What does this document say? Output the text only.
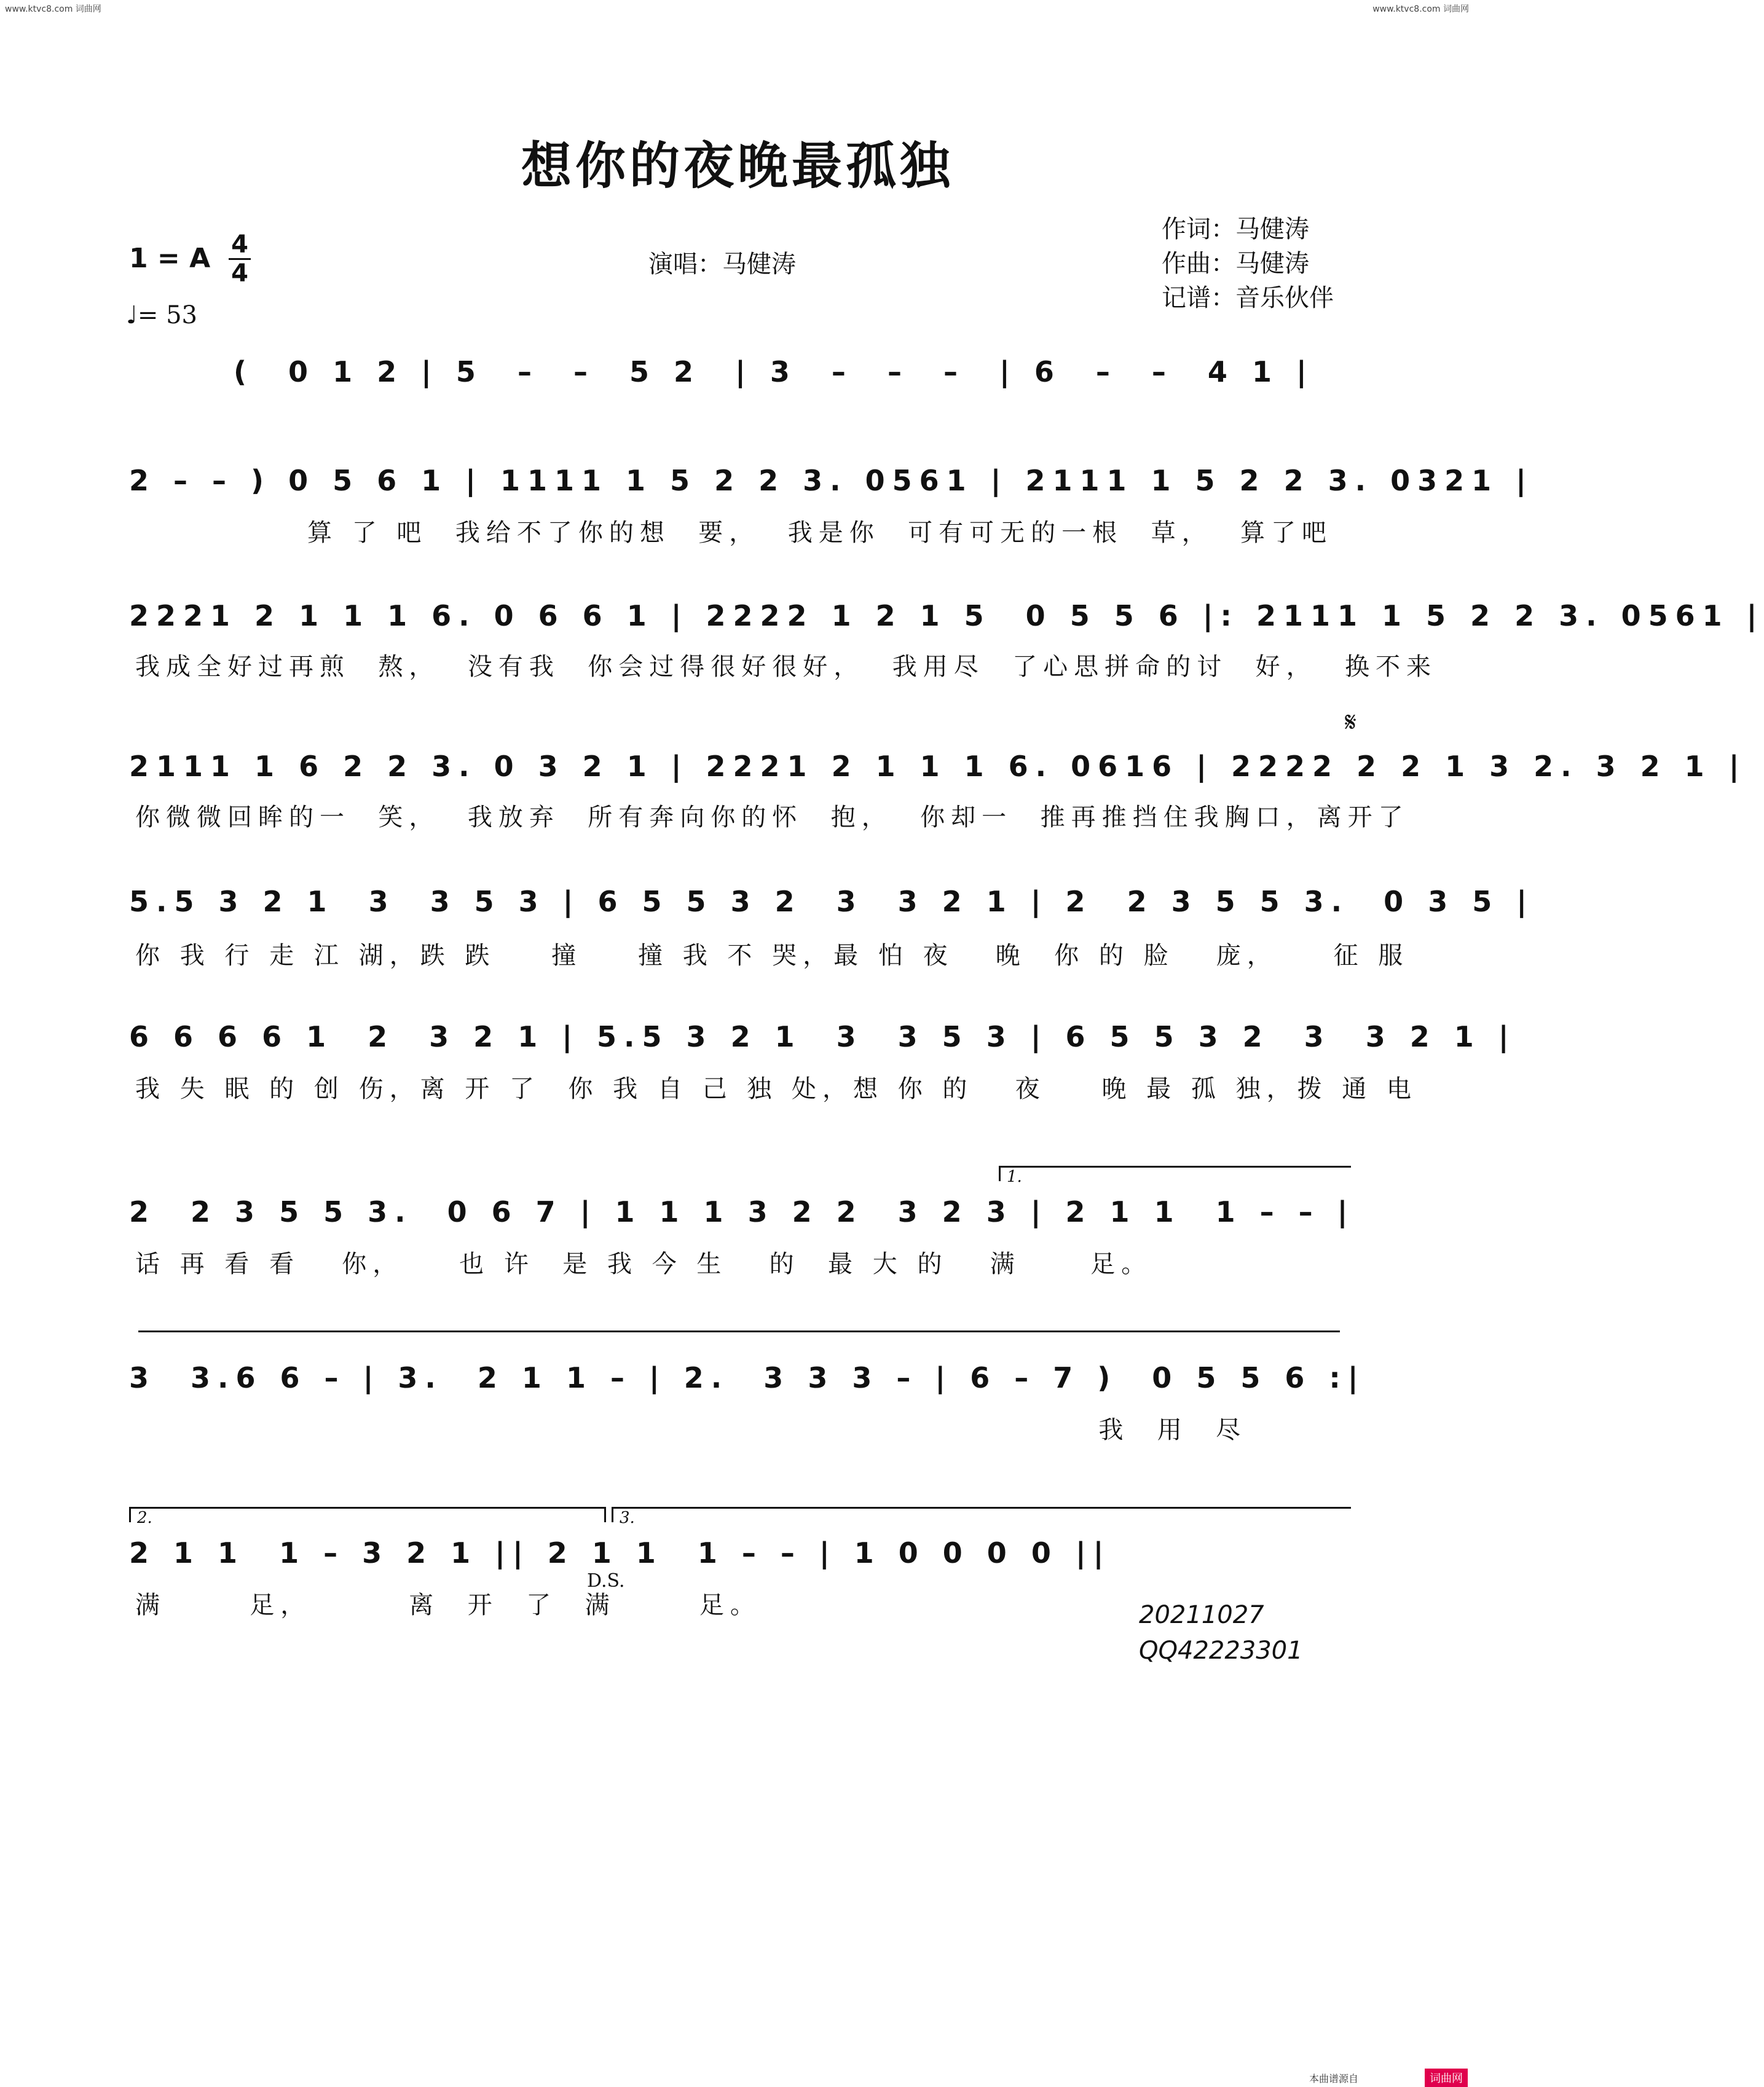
www.ktvc8.com 词曲网	www.ktvc8.com 词曲网
想你的夜晚最孤独
1 = A 4
4
♩= 53
演唱：马健涛
作词：马健涛
作曲：马健涛
记谱：音乐伙伴
(  0 1 2 | 5  –  –  5 2  | 3  –  –  –  | 6  –  –  4 1 |
2 – – ) 0 5 6 1 | 1111 1 5 2 2 3. 0561 | 2111 1 5 2 2 3. 0321 |
算 了 吧  我给不了你的想  要，  我是你  可有可无的一根  草，  算了吧
2221 2 1 1 1 6. 0 6 6 1 | 2222 1 2 1 5  0 5 5 6 |: 2111 1 5 2 2 3. 0561 |
我成全好过再煎  熬，  没有我  你会过得很好很好，  我用尽  了心思拼命的讨  好，  换不来
𝄋
2111 1 6 2 2 3. 0 3 2 1 | 2221 2 1 1 1 6. 0616 | 2222 2 2 1 3 2. 3 2 1 |
你微微回眸的一  笑，  我放弃  所有奔向你的怀  抱，  你却一  推再推挡住我胸口，离开了
5.5 3 2 1  3  3 5 3 | 6 5 5 3 2  3  3 2 1 | 2  2 3 5 5 3.  0 3 5 |
你 我 行 走 江 湖，跌 跌    撞    撞 我 不 哭，最 怕 夜   晚  你 的 脸   庞，    征 服
6 6 6 6 1  2  3 2 1 | 5.5 3 2 1  3  3 5 3 | 6 5 5 3 2  3  3 2 1 |
我 失 眠 的 创 伤，离 开 了  你 我 自 己 独 处，想 你 的   夜    晚 最 孤 独，拨 通 电
1.
2  2 3 5 5 3.  0 6 7 | 1 1 1 3 2 2  3 2 3 | 2 1 1  1 – – |
话 再 看 看   你，    也 许  是 我 今 生   的  最 大 的   满     足。
3  3.6 6 – | 3.  2 1 1 – | 2.  3 3 3 – | 6 – 7 )  0 5 5 6 :|
我  用  尽
2.	3.
2 1 1  1 – 3 2 1 || 2 1 1  1 – – | 1 0 0 0 0 ||
D.S.
满      足，       离  开  了  满      足。	20211027
QQ42223301
本曲谱源自	词曲网
